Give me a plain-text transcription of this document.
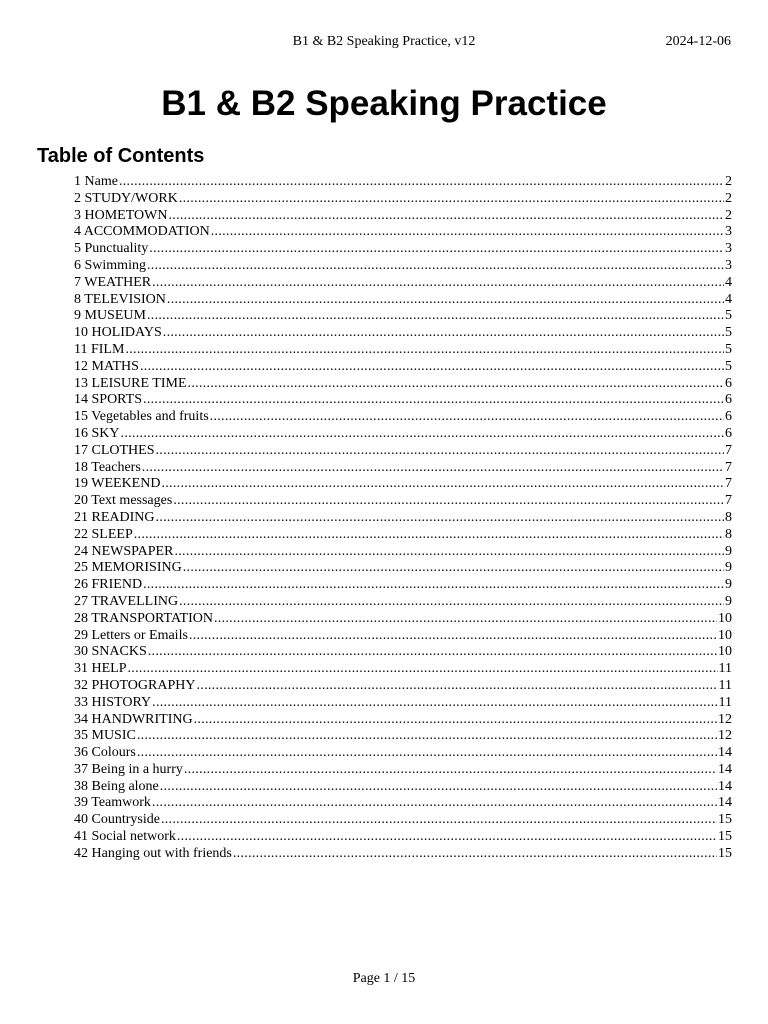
B1 & B2 Speaking Practice, v12	2024-12-06
B1 & B2 Speaking Practice
Table of Contents
1 Name .....	2
2 STUDY/WORK .....	2
3 HOMETOWN .....	2
4 ACCOMMODATION .....	3
5 Punctuality .....	3
6 Swimming .....	3
7 WEATHER .....	4
8 TELEVISION .....	4
9 MUSEUM .....	5
10 HOLIDAYS .....	5
11 FILM .....	5
12 MATHS .....	5
13 LEISURE TIME .....	6
14 SPORTS .....	6
15 Vegetables and fruits .....	6
16 SKY .....	6
17 CLOTHES .....	7
18 Teachers .....	7
19 WEEKEND .....	7
20 Text messages .....	7
21 READING .....	8
22 SLEEP .....	8
24 NEWSPAPER .....	9
25 MEMORISING .....	9
26 FRIEND .....	9
27 TRAVELLING .....	9
28 TRANSPORTATION .....	10
29 Letters or Emails .....	10
30 SNACKS .....	10
31 HELP .....	11
32 PHOTOGRAPHY .....	11
33 HISTORY .....	11
34 HANDWRITING .....	12
35 MUSIC .....	12
36 Colours .....	14
37 Being in a hurry .....	14
38 Being alone .....	14
39 Teamwork .....	14
40 Countryside .....	15
41 Social network .....	15
42 Hanging out with friends .....	15
Page 1 / 15
